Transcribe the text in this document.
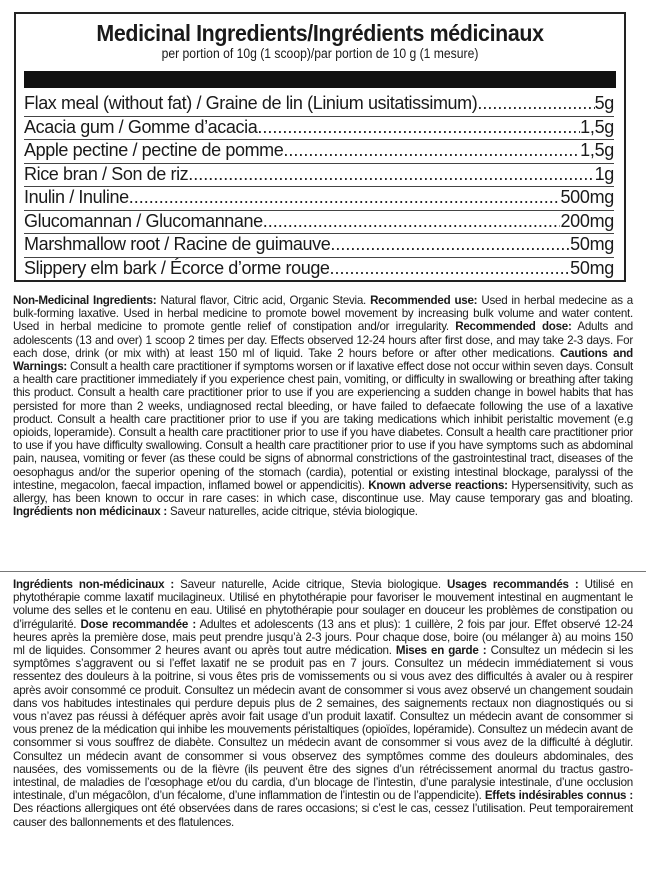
Medicinal Ingredients/Ingrédients médicinaux
per portion of 10g (1 scoop)/par portion de 10 g (1 mesure)
Flax meal (without fat) / Graine de lin (Linium usitatissimum) .....	5g
Acacia gum / Gomme d’acacia .....	1,5g
Apple pectine / pectine de pomme .....	1,5g
Rice bran / Son de riz .....	1g
Inulin / Inuline .....	500mg
Glucomannan / Glucomannane .....	200mg
Marshmallow root / Racine de guimauve .....	50mg
Slippery elm bark / Écorce d’orme rouge .....	50mg
Non-Medicinal Ingredients: Natural flavor, Citric acid, Organic Stevia. Recommended use: Used in herbal medecine as a bulk-forming laxative. Used in herbal medicine to promote bowel movement by increasing bulk volume and water content. Used in herbal medicine to promote gentle relief of constipation and/or irregularity. Recommended dose: Adults and adolescents (13 and over) 1 scoop 2 times per day. Effects observed 12-24 hours after first dose, and may take 2-3 days. For each dose, drink (or mix with) at least 150 ml of liquid. Take 2 hours before or after other medications. Cautions and Warnings: Consult a health care practitioner if symptoms worsen or if laxative effect dose not occur within seven days. Consult a health care practitioner immediately if you experience chest pain, vomiting, or difficulty in swallowing or breathing after taking this product. Consult a health care practitioner prior to use if you are experiencing a sudden change in bowel habits that has persisted for more than 2 weeks, undiagnosed rectal bleeding, or have failed to defaecate following the use of a laxative product. Consult a health care practitioner prior to use if you are taking medications which inhibit peristaltic movement (e.g opioids, loperamide). Consult a health care practitioner prior to use if you have diabetes. Consult a health care practitioner prior to use if you have difficulty swallowing. Consult a health care practitioner prior to use if you have symptoms such as abdominal pain, nausea, vomiting or fever (as these could be signs of abnormal constrictions of the gastrointestinal tract, diseases of the oesophagus and/or the superior opening of the stomach (cardia), potential or existing intestinal blockage, paralyssi of the intestine, megacolon, faecal impaction, inflamed bowel or appendicitis). Known adverse reactions: Hypersensitivity, such as allergy, has been known to occur in rare cases: in which case, discontinue use. May cause temporary gas and bloating. Ingrédients non médicinaux : Saveur naturelles, acide citrique, stévia biologique.
Ingrédients non-médicinaux : Saveur naturelle, Acide citrique, Stevia biologique. Usages recommandés : Utilisé en phytothérapie comme laxatif mucilagineux. Utilisé en phytothérapie pour favoriser le mouvement intestinal en augmentant le volume des selles et le contenu en eau. Utilisé en phytothérapie pour soulager en douceur les problèmes de constipation ou d’irrégularité. Dose recommandée : Adultes et adolescents (13 ans et plus): 1 cuillère, 2 fois par jour. Effet observé 12-24 heures après la première dose, mais peut prendre jusqu’à 2-3 jours. Pour chaque dose, boire (ou mélanger à) au moins 150 ml de liquides. Consommer 2 heures avant ou après tout autre médication. Mises en garde : Consultez un médecin si les symptômes s’aggravent ou si l’effet laxatif ne se produit pas en 7 jours. Consultez un médecin immédiatement si vous ressentez des douleurs à la poitrine, si vous êtes pris de vomissements ou si vous avez des difficultés à avaler ou à respirer après avoir consommé ce produit. Consultez un médecin avant de consommer si vous avez observé un changement soudain dans vos habitudes intestinales qui perdure depuis plus de 2 semaines, des saignements rectaux non diagnostiqués ou si vous n’avez pas réussi à déféquer après avoir fait usage d’un produit laxatif. Consultez un médecin avant de consommer si vous prenez de la médication qui inhibe les mouvements péristaltiques (opioïdes, lopéramide). Consultez un médecin avant de consommer si vous souffrez de diabète. Consultez un médecin avant de consommer si vous avez de la difficulté à déglutir. Consultez un médecin avant de consommer si vous observez des symptômes comme des douleurs abdominales, des nausées, des vomissements ou de la fièvre (ils peuvent être des signes d’un rétrécissement anormal du tractus gastro-intestinal, de maladies de l’œsophage et/ou du cardia, d’un blocage de l’intestin, d’une paralysie intestinale, d’une occlusion intestinale, d’un mégacôlon, d’un fécalome, d’une inflammation de l’intestin ou de l’appendicite). Effets indésirables connus : Des réactions allergiques ont été observées dans de rares occasions; si c’est le cas, cessez l’utilisation. Peut temporairement causer des ballonnements et des flatulences.
